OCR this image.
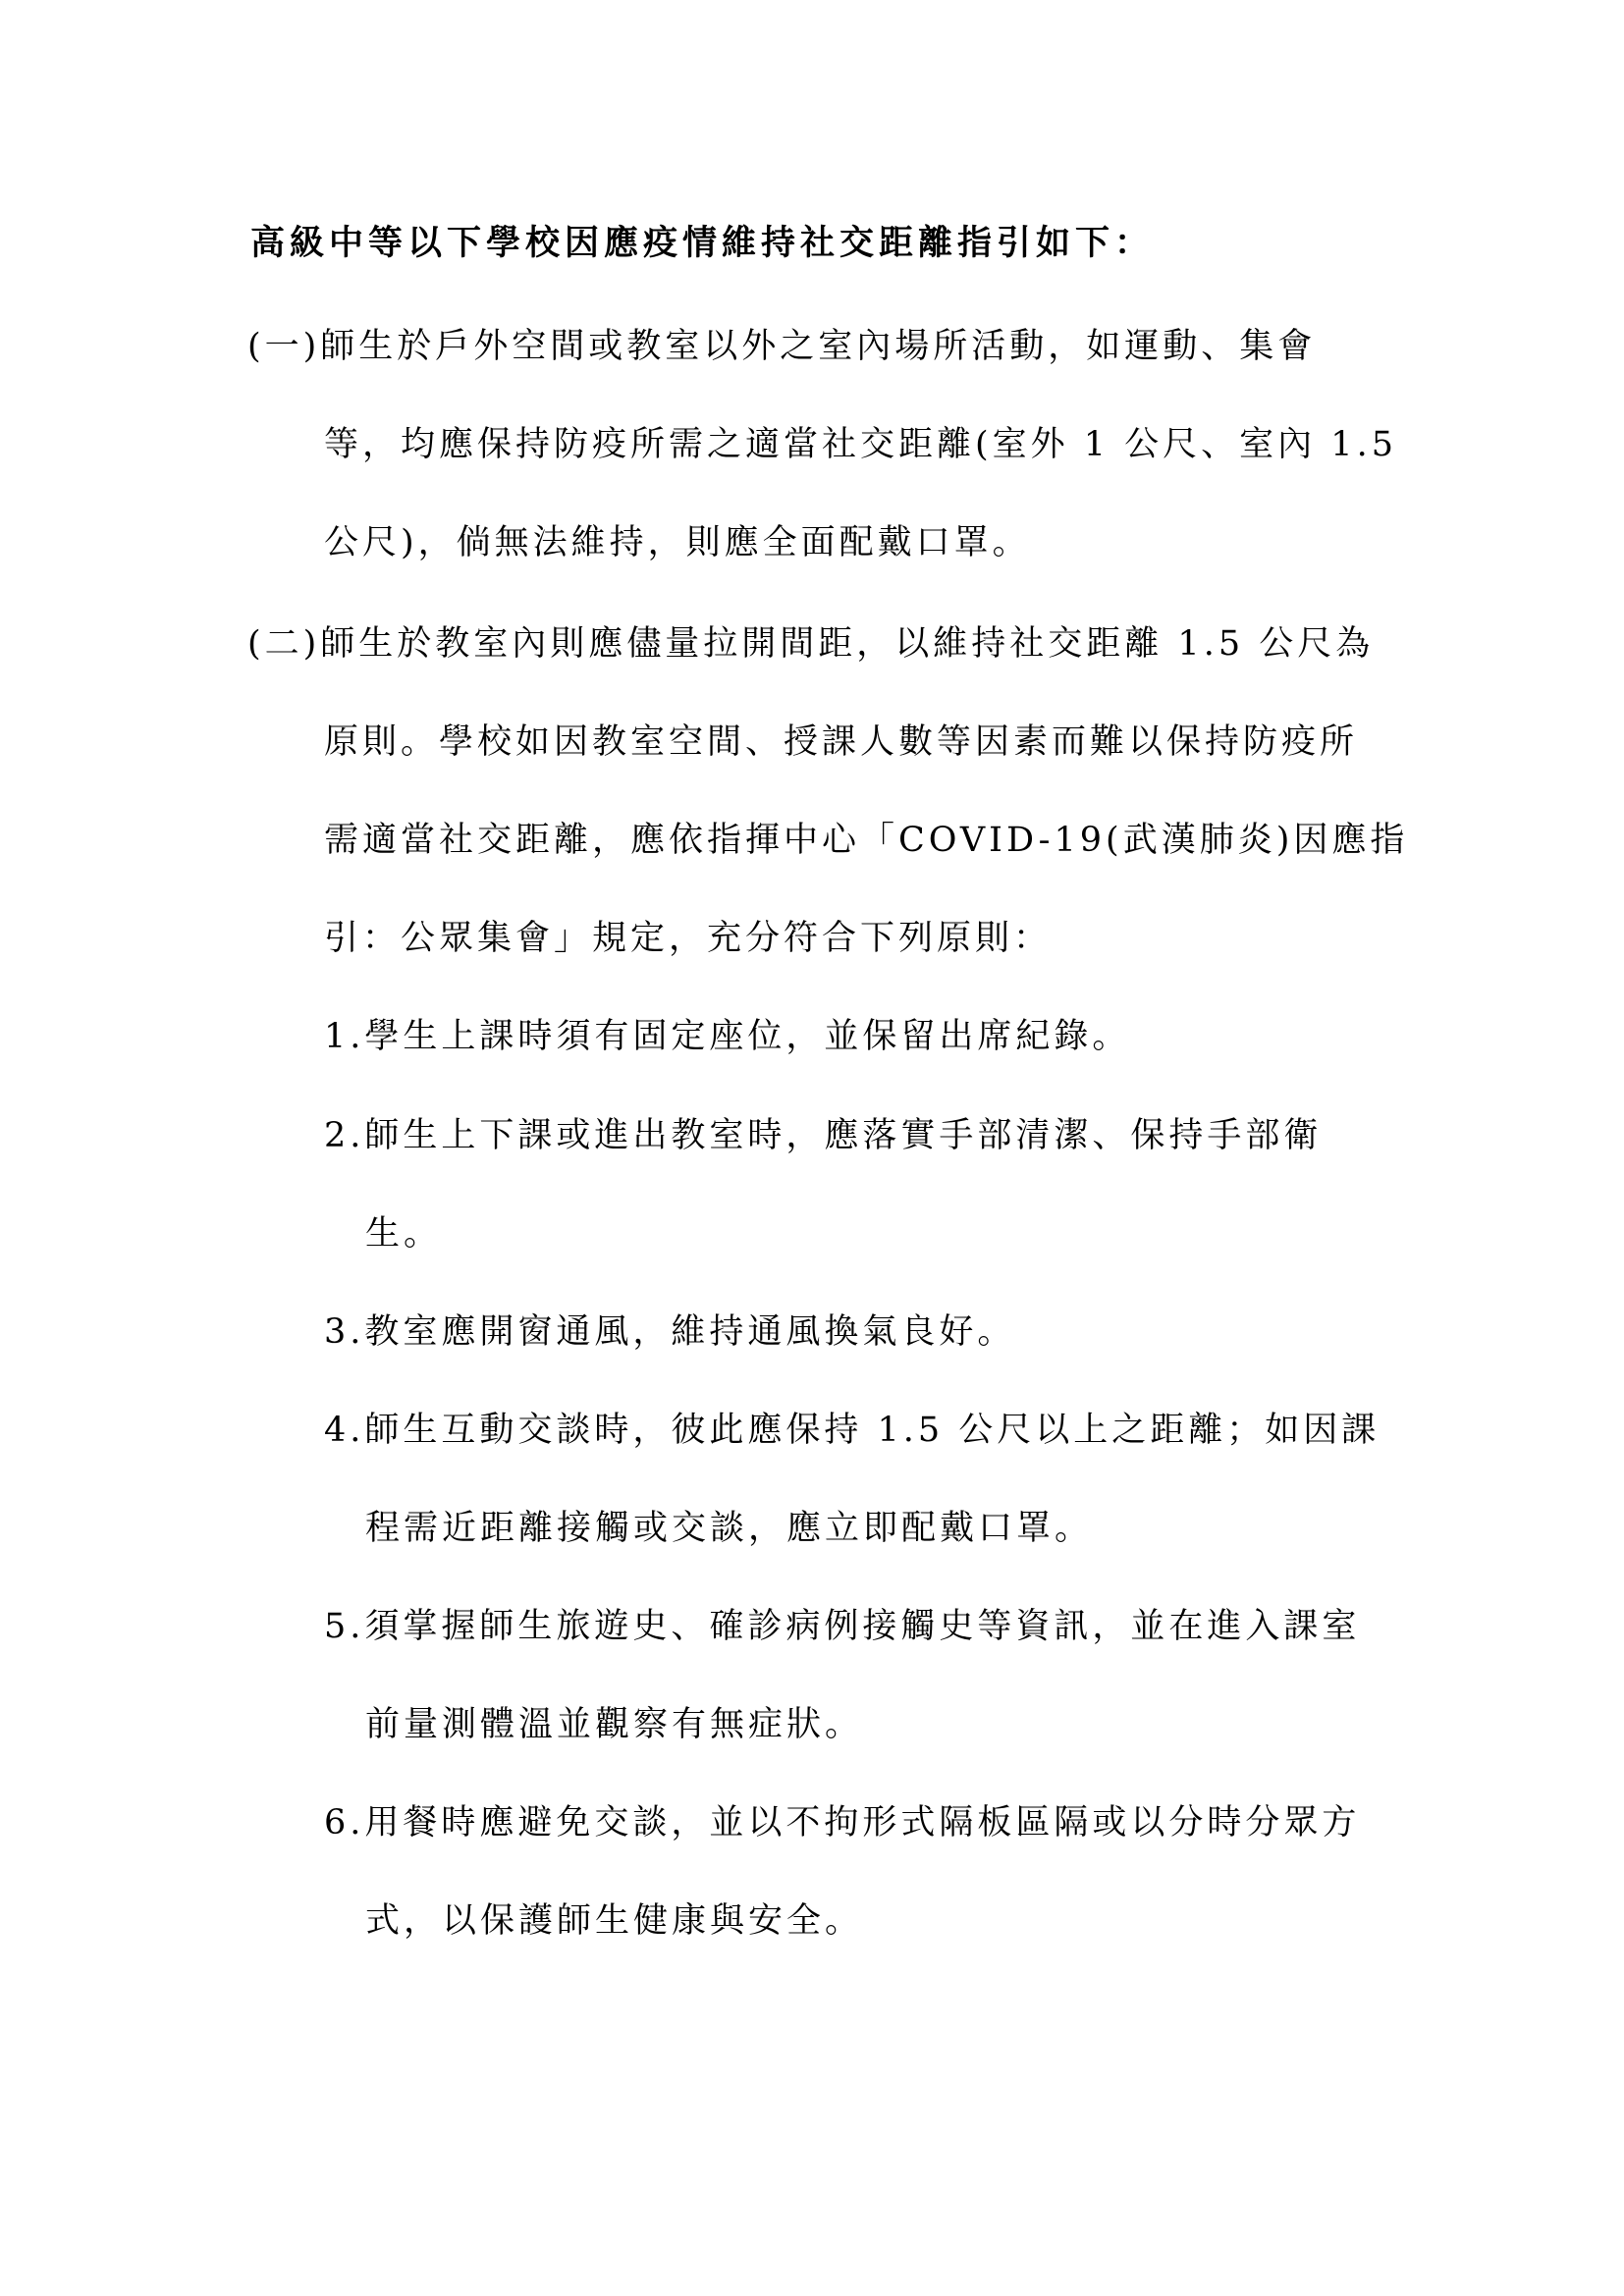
高級中等以下學校因應疫情維持社交距離指引如下：
(一)師生於戶外空間或教室以外之室內場所活動，如運動、集會
等，均應保持防疫所需之適當社交距離(室外 1 公尺、室內 1.5
公尺)，倘無法維持，則應全面配戴口罩。
(二)師生於教室內則應儘量拉開間距，以維持社交距離 1.5 公尺為
原則。學校如因教室空間、授課人數等因素而難以保持防疫所
需適當社交距離，應依指揮中心「COVID-19(武漢肺炎)因應指
引：公眾集會」規定，充分符合下列原則：
1.學生上課時須有固定座位，並保留出席紀錄。
2.師生上下課或進出教室時，應落實手部清潔、保持手部衛
生。
3.教室應開窗通風，維持通風換氣良好。
4.師生互動交談時，彼此應保持 1.5 公尺以上之距離；如因課
程需近距離接觸或交談，應立即配戴口罩。
5.須掌握師生旅遊史、確診病例接觸史等資訊，並在進入課室
前量測體溫並觀察有無症狀。
6.用餐時應避免交談，並以不拘形式隔板區隔或以分時分眾方
式，以保護師生健康與安全。
